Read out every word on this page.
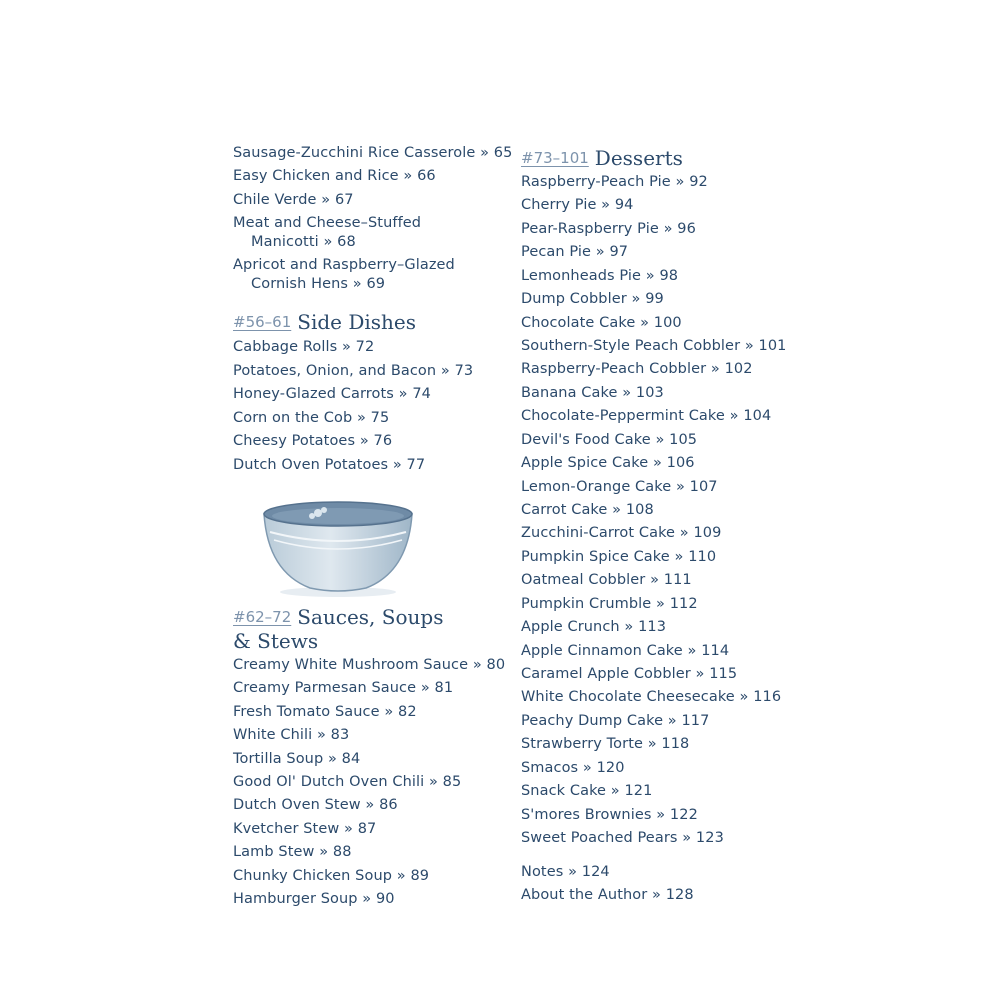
Sausage-Zucchini Rice Casserole » 65
Easy Chicken and Rice » 66
Chile Verde » 67
Meat and Cheese–Stuffed
Manicotti » 68
Apricot and Raspberry–Glazed
Cornish Hens » 69
#56–61 Side Dishes
Cabbage Rolls » 72
Potatoes, Onion, and Bacon » 73
Honey-Glazed Carrots » 74
Corn on the Cob » 75
Cheesy Potatoes » 76
Dutch Oven Potatoes » 77
#62–72 Sauces, Soups
& Stews
Creamy White Mushroom Sauce » 80
Creamy Parmesan Sauce » 81
Fresh Tomato Sauce » 82
White Chili » 83
Tortilla Soup » 84
Good Ol' Dutch Oven Chili » 85
Dutch Oven Stew » 86
Kvetcher Stew » 87
Lamb Stew » 88
Chunky Chicken Soup » 89
Hamburger Soup » 90
#73–101 Desserts
Raspberry-Peach Pie » 92
Cherry Pie » 94
Pear-Raspberry Pie » 96
Pecan Pie » 97
Lemonheads Pie » 98
Dump Cobbler » 99
Chocolate Cake » 100
Southern-Style Peach Cobbler » 101
Raspberry-Peach Cobbler » 102
Banana Cake » 103
Chocolate-Peppermint Cake » 104
Devil's Food Cake » 105
Apple Spice Cake » 106
Lemon-Orange Cake » 107
Carrot Cake » 108
Zucchini-Carrot Cake » 109
Pumpkin Spice Cake » 110
Oatmeal Cobbler » 111
Pumpkin Crumble » 112
Apple Crunch » 113
Apple Cinnamon Cake » 114
Caramel Apple Cobbler » 115
White Chocolate Cheesecake » 116
Peachy Dump Cake » 117
Strawberry Torte » 118
Smacos » 120
Snack Cake » 121
S'mores Brownies » 122
Sweet Poached Pears » 123
Notes » 124
About the Author » 128
